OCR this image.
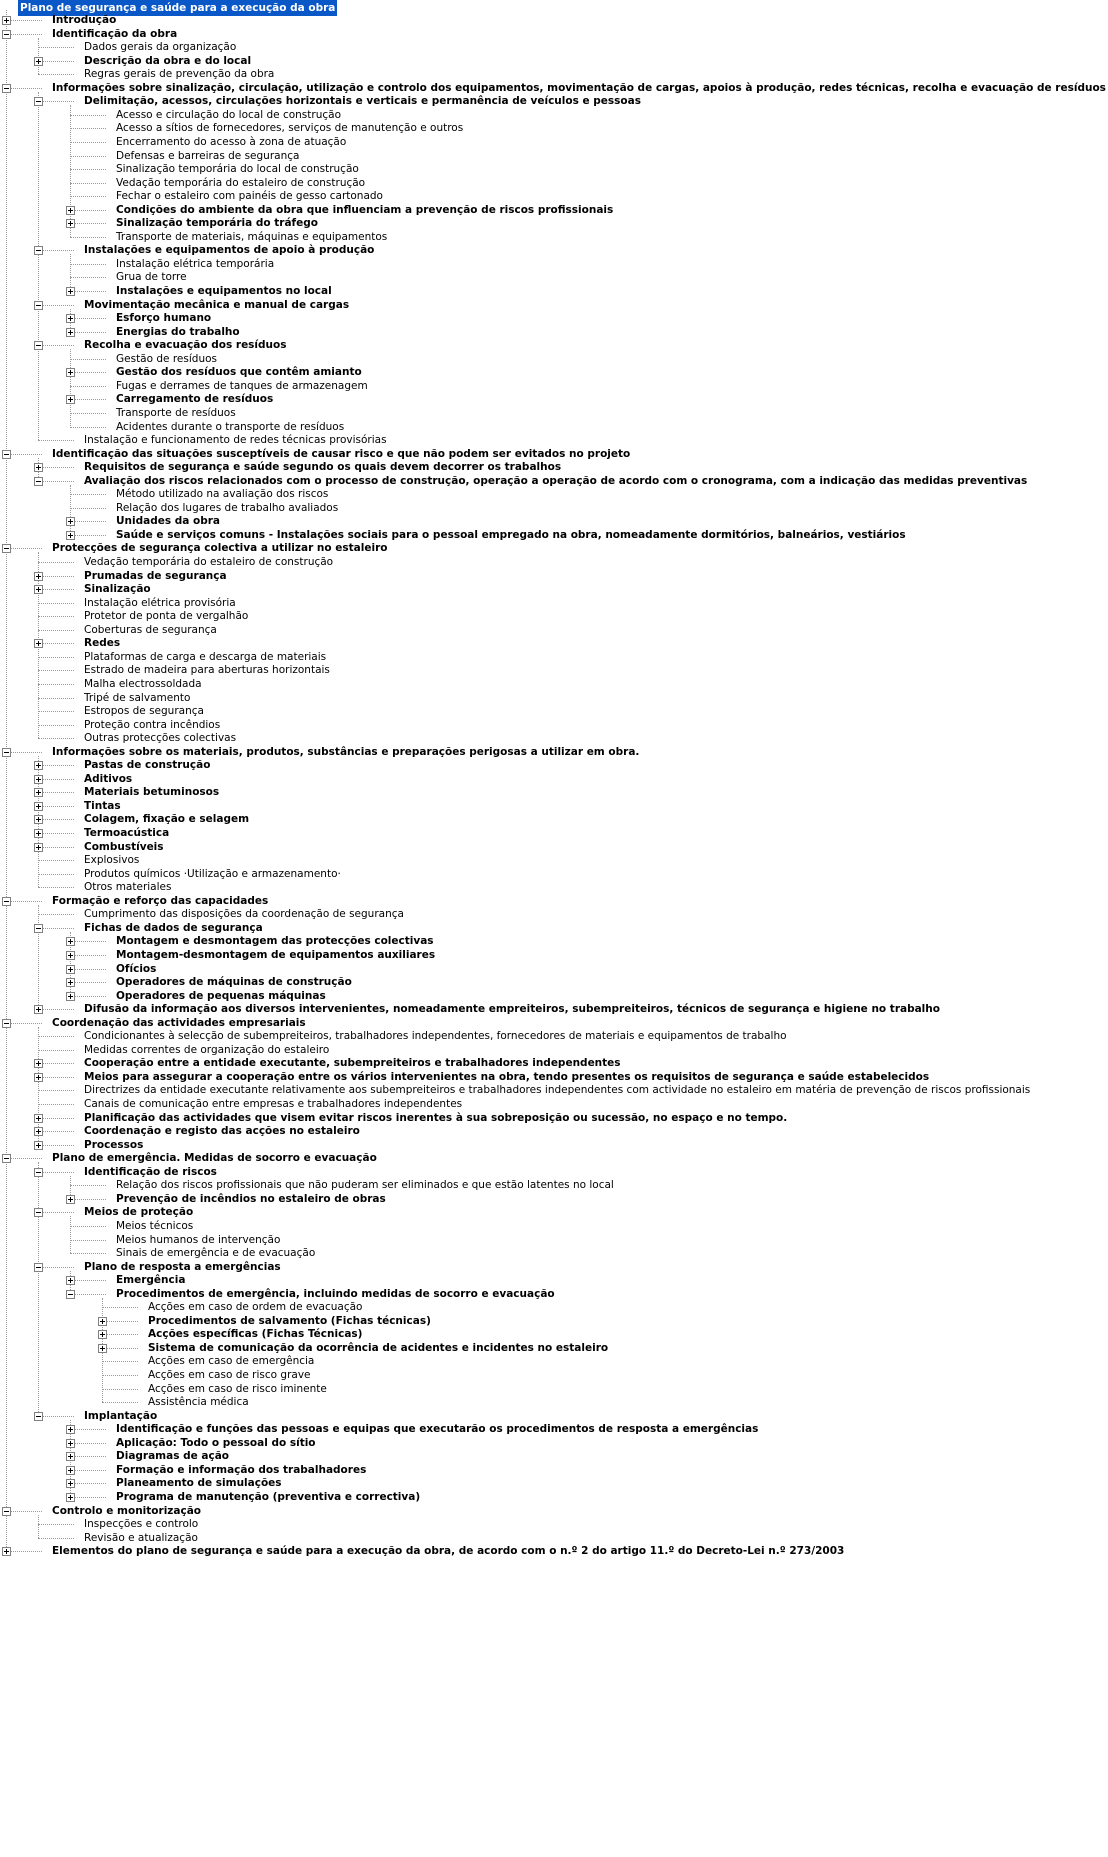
Plano de segurança e saúde para a execução da obra
Introdução
Identificação da obra
Dados gerais da organização
Descrição da obra e do local
Regras gerais de prevenção da obra
Informações sobre sinalização, circulação, utilização e controlo dos equipamentos, movimentação de cargas, apoios à produção, redes técnicas, recolha e evacuação de resíduos
Delimitação, acessos, circulações horizontais e verticais e permanência de veículos e pessoas
Acesso e circulação do local de construção
Acesso a sítios de fornecedores, serviços de manutenção e outros
Encerramento do acesso à zona de atuação
Defensas e barreiras de segurança
Sinalização temporária do local de construção
Vedação temporária do estaleiro de construção
Fechar o estaleiro com painéis de gesso cartonado
Condições do ambiente da obra que influenciam a prevenção de riscos profissionais
Sinalização temporária do tráfego
Transporte de materiais, máquinas e equipamentos
Instalações e equipamentos de apoio à produção
Instalação elétrica temporária
Grua de torre
Instalações e equipamentos no local
Movimentação mecânica e manual de cargas
Esforço humano
Energias do trabalho
Recolha e evacuação dos resíduos
Gestão de resíduos
Gestão dos resíduos que contêm amianto
Fugas e derrames de tanques de armazenagem
Carregamento de resíduos
Transporte de resíduos
Acidentes durante o transporte de resíduos
Instalação e funcionamento de redes técnicas provisórias
Identificação das situações susceptíveis de causar risco e que não podem ser evitados no projeto
Requisitos de segurança e saúde segundo os quais devem decorrer os trabalhos
Avaliação dos riscos relacionados com o processo de construção, operação a operação de acordo com o cronograma, com a indicação das medidas preventivas
Método utilizado na avaliação dos riscos
Relação dos lugares de trabalho avaliados
Unidades da obra
Saúde e serviços comuns - Instalações sociais para o pessoal empregado na obra, nomeadamente dormitórios, balneários, vestiários
Protecções de segurança colectiva a utilizar no estaleiro
Vedação temporária do estaleiro de construção
Prumadas de segurança
Sinalização
Instalação elétrica provisória
Protetor de ponta de vergalhão
Coberturas de segurança
Redes
Plataformas de carga e descarga de materiais
Estrado de madeira para aberturas horizontais
Malha electrossoldada
Tripé de salvamento
Estropos de segurança
Proteção contra incêndios
Outras protecções colectivas
Informações sobre os materiais, produtos, substâncias e preparações perigosas a utilizar em obra.
Pastas de construção
Aditivos
Materiais betuminosos
Tintas
Colagem, fixação e selagem
Termoacústica
Combustíveis
Explosivos
Produtos químicos ·Utilização e armazenamento·
Otros materiales
Formação e reforço das capacidades
Cumprimento das disposições da coordenação de segurança
Fichas de dados de segurança
Montagem e desmontagem das protecções colectivas
Montagem-desmontagem de equipamentos auxiliares
Ofícios
Operadores de máquinas de construção
Operadores de pequenas máquinas
Difusão da informação aos diversos intervenientes, nomeadamente empreiteiros, subempreiteiros, técnicos de segurança e higiene no trabalho
Coordenação das actividades empresariais
Condicionantes à selecção de subempreiteiros, trabalhadores independentes, fornecedores de materiais e equipamentos de trabalho
Medidas correntes de organização do estaleiro
Cooperação entre a entidade executante, subempreiteiros e trabalhadores independentes
Meios para assegurar a cooperação entre os vários intervenientes na obra, tendo presentes os requisitos de segurança e saúde estabelecidos
Directrizes da entidade executante relativamente aos subempreiteiros e trabalhadores independentes com actividade no estaleiro em matéria de prevenção de riscos profissionais
Canais de comunicação entre empresas e trabalhadores independentes
Planificação das actividades que visem evitar riscos inerentes à sua sobreposição ou sucessão, no espaço e no tempo.
Coordenação e registo das acções no estaleiro
Processos
Plano de emergência. Medidas de socorro e evacuação
Identificação de riscos
Relação dos riscos profissionais que não puderam ser eliminados e que estão latentes no local
Prevenção de incêndios no estaleiro de obras
Meios de proteção
Meios técnicos
Meios humanos de intervenção
Sinais de emergência e de evacuação
Plano de resposta a emergências
Emergência
Procedimentos de emergência, incluindo medidas de socorro e evacuação
Acções em caso de ordem de evacuação
Procedimentos de salvamento (Fichas técnicas)
Acções específicas (Fichas Técnicas)
Sistema de comunicação da ocorrência de acidentes e incidentes no estaleiro
Acções em caso de emergência
Acções em caso de risco grave
Acções em caso de risco iminente
Assistência médica
Implantação
Identificação e funções das pessoas e equipas que executarão os procedimentos de resposta a emergências
Aplicação: Todo o pessoal do sítio
Diagramas de ação
Formação e informação dos trabalhadores
Planeamento de simulações
Programa de manutenção (preventiva e correctiva)
Controlo e monitorização
Inspecções e controlo
Revisão e atualização
Elementos do plano de segurança e saúde para a execução da obra, de acordo com o n.º 2 do artigo 11.º do Decreto-Lei n.º 273/2003
